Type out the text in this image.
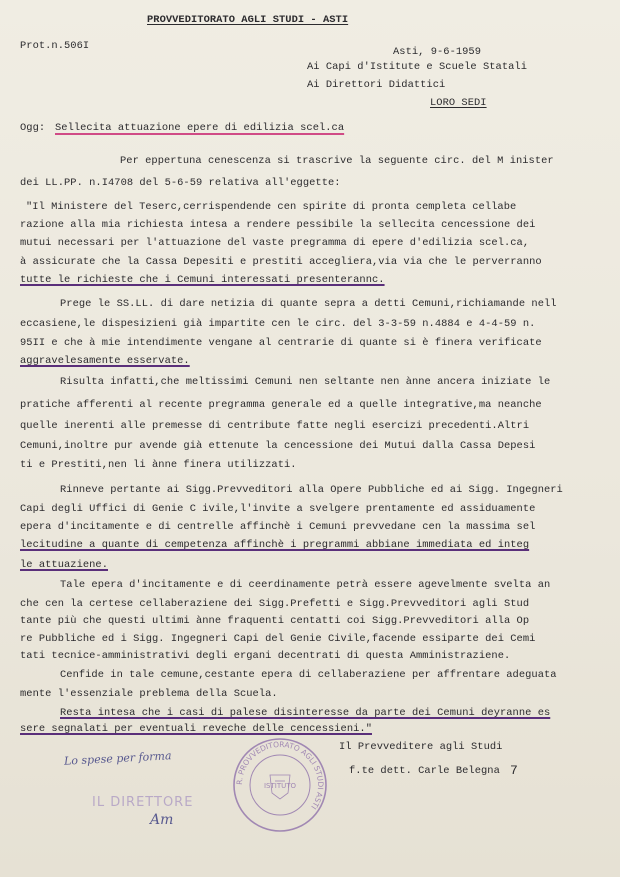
PROVVEDITORATO AGLI STUDI - ASTI
Prot.n.506I	Asti, 9-6-1959
Ai Capi d'Istitute e Scuele Statali
Ai Direttori Didattici
LORO SEDI
Ogg: Sellecita attuazione epere di edilizia scel.ca
Per eppertuna cenescenza si trascrive la seguente circ. del M inister
dei LL.PP. n.I4708 del 5-6-59 relativa all'eggette:
"Il Ministere del Teserc,cerrispendende cen spirite di pronta cempleta cellabe
razione alla mia richiesta intesa a rendere pessibile la sellecita cencessione dei
mutui necessari per l'attuazione del vaste pregramma di epere d'edilizia scel.ca,
à assicurate che la Cassa Depesiti e prestiti accegliera,via via che le perverranno
tutte le richieste che i Cemuni interessati presenterannc.
Prege le SS.LL. di dare netizia di quante sepra a detti Cemuni,richiamande nell
eccasiene,le dispesizieni già impartite cen le circ. del 3-3-59 n.4884 e 4-4-59 n.
95II e che à mie intendimente vengane al centrarie di quante si è finera verificate
aggravelesamente esservate.
Risulta infatti,che meltissimi Cemuni nen seltante nen ànne ancera iniziate le
pratiche afferenti al recente pregramma generale ed a quelle integrative,ma neanche
quelle inerenti alle premesse di centribute fatte negli esercizi precedenti.Altri
Cemuni,inoltre pur avende già ettenute la cencessione dei Mutui dalla Cassa Depesi
ti e Prestiti,nen li ànne finera utilizzati.
Rinneve pertante ai Sigg.Prevveditori alla Opere Pubbliche ed ai Sigg. Ingegneri
Capi degli Uffici di Genie C ivile,l'invite a svelgere prentamente ed assiduamente
epera d'incitamente e di centrelle affinchè i Cemuni prevvedane cen la massima sel
lecitudine a quante di cempetenza affinchè i pregrammi abbiane immediata ed integ
le attuaziene.
Tale epera d'incitamente e di ceerdinamente petrà essere agevelmente svelta an
che cen la certese cellaberaziene dei Sigg.Prefetti e Sigg.Prevveditori agli Stud
tante più che questi ultimi ànne fraquenti centatti coi Sigg.Prevveditori alla Op
re Pubbliche ed i Sigg. Ingegneri Capi del Genie Civile,facende essiparte dei Cemi
tati tecnice-amministrativi degli ergani decentrati di questa Amministraziene.
Cenfide in tale cemune,cestante epera di cellaberaziene per affrentare adeguata
mente l'essenziale preblema della Scuela.
Resta intesa che i casi di palese disinteresse da parte dei Cemuni deyranne es
sere segnalati per eventuali reveche delle cencessieni."
Il Prevveditere agli Studi
f.te dett. Carle Belegna 7
Lo spese per forma
IL DIRETTORE
Am
R. PROVVEDITORATO AGLI STUDI ASTI
ISTITUTO
